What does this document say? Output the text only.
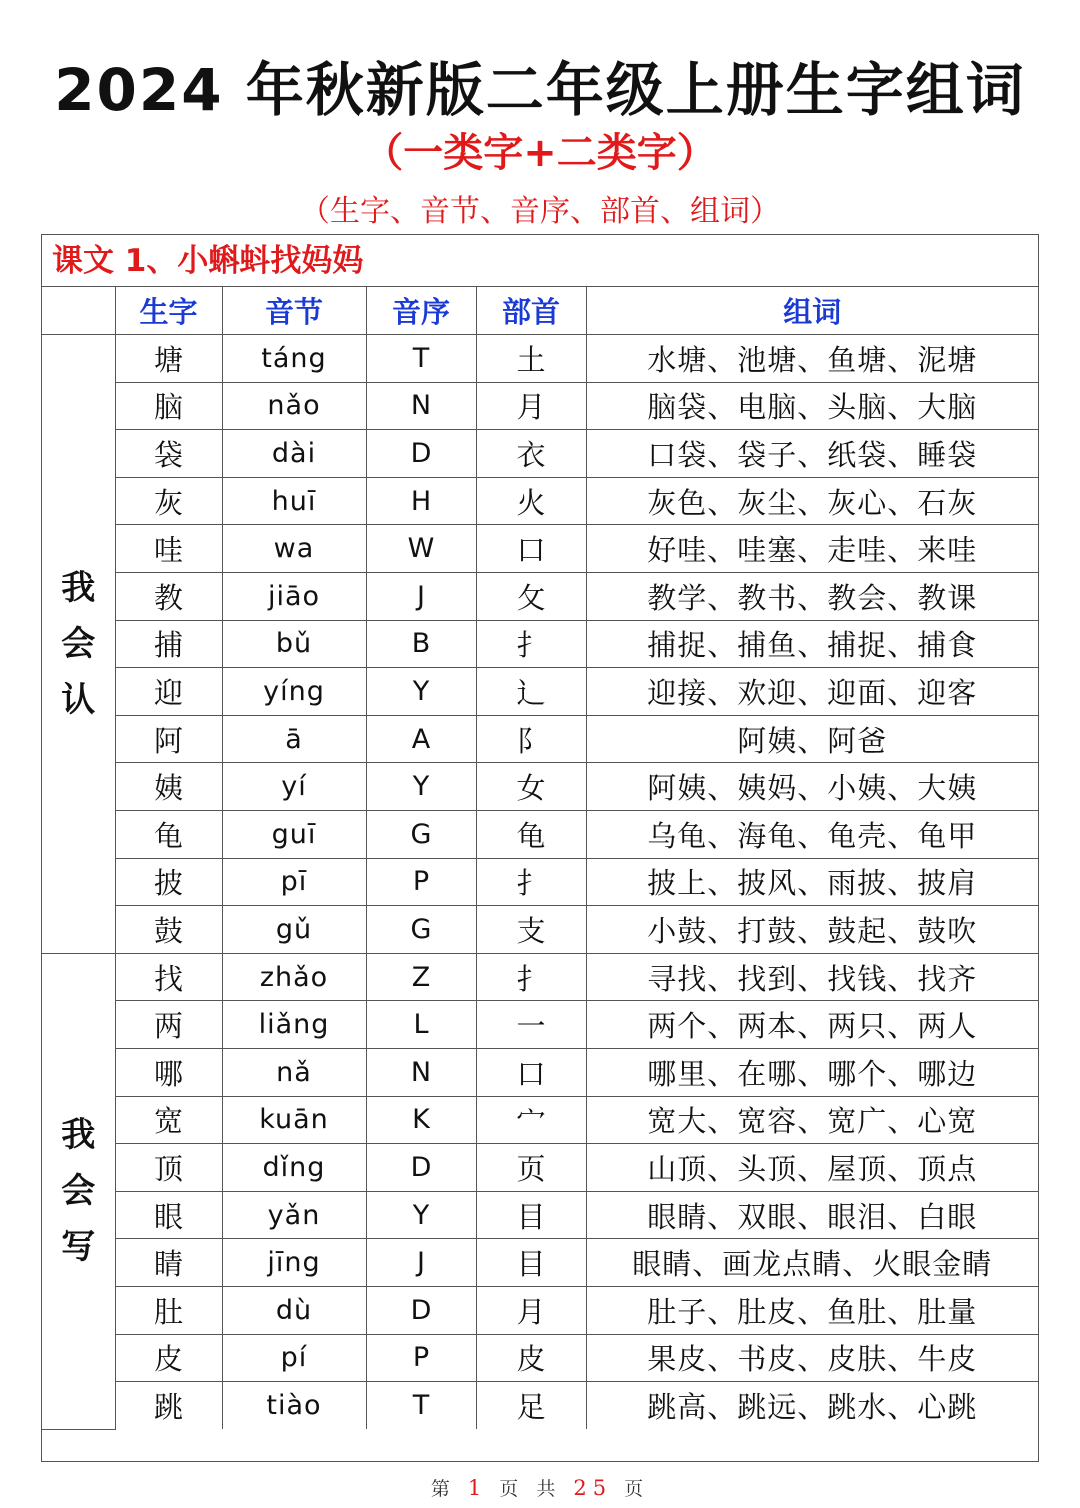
2024 年秋新版二年级上册生字组词
（一类字+二类字）
（生字、音节、音序、部首、组词）
课文 1、小蝌蚪找妈妈
	生字	音节	音序	部首	组词

我
会
认	塘	táng	T	土	水塘、池塘、鱼塘、泥塘
	脑	nǎo	N	月	脑袋、电脑、头脑、大脑
	袋	dài	D	衣	口袋、袋子、纸袋、睡袋
	灰	huī	H	火	灰色、灰尘、灰心、石灰
	哇	wa	W	口	好哇、哇塞、走哇、来哇
	教	jiāo	J	攵	教学、教书、教会、教课
	捕	bǔ	B	扌	捕捉、捕鱼、捕捉、捕食
	迎	yíng	Y	辶	迎接、欢迎、迎面、迎客
	阿	ā	A	阝	阿姨、阿爸
	姨	yí	Y	女	阿姨、姨妈、小姨、大姨
	龟	guī	G	龟	乌龟、海龟、龟壳、龟甲
	披	pī	P	扌	披上、披风、雨披、披肩
	鼓	gǔ	G	支	小鼓、打鼓、鼓起、鼓吹

我
会
写	找	zhǎo	Z	扌	寻找、找到、找钱、找齐
	两	liǎng	L	一	两个、两本、两只、两人
	哪	nǎ	N	口	哪里、在哪、哪个、哪边
	宽	kuān	K	宀	宽大、宽容、宽广、心宽
	顶	dǐng	D	页	山顶、头顶、屋顶、顶点
	眼	yǎn	Y	目	眼睛、双眼、眼泪、白眼
	睛	jīng	J	目	眼睛、画龙点睛、火眼金睛
	肚	dù	D	月	肚子、肚皮、鱼肚、肚量
	皮	pí	P	皮	果皮、书皮、皮肤、牛皮
	跳	tiào	T	足	跳高、跳远、跳水、心跳
第 1 页 共 25 页
